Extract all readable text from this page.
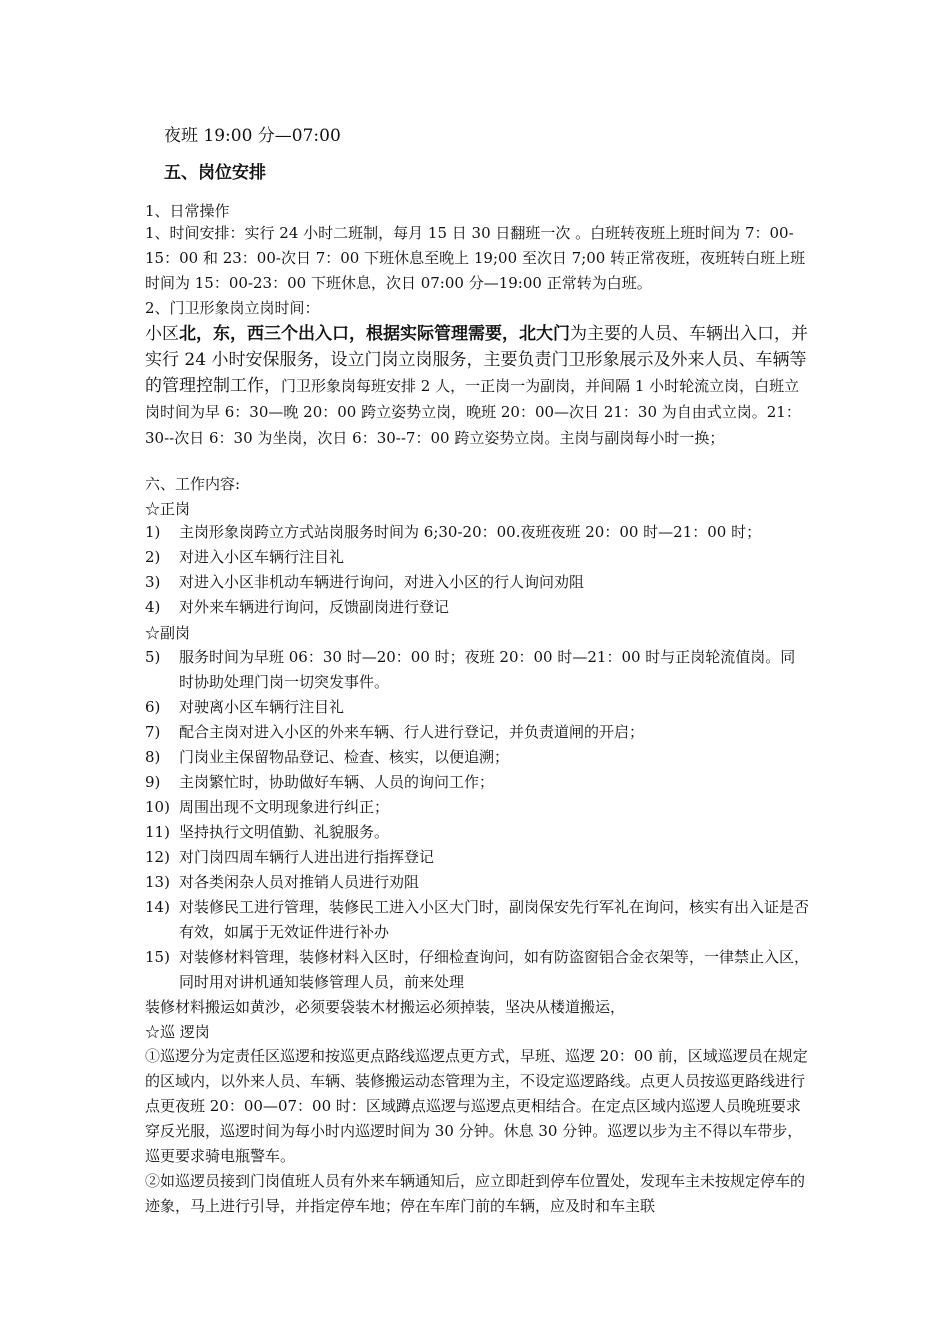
夜班 19:00 分—07:00
五、岗位安排
1、日常操作
1、时间安排：实行 24 小时二班制，每月 15 日 30 日翻班一次 。白班转夜班上班时间为 7：00-15：00 和 23：00-次日 7：00 下班休息至晚上 19;00 至次日 7;00 转正常夜班，夜班转白班上班时间为 15：00-23：00 下班休息，次日 07:00 分—19:00 正常转为白班。
2、门卫形象岗立岗时间：
小区北，东，西三个出入口，根据实际管理需要，北大门为主要的人员、车辆出入口，并实行 24 小时安保服务，设立门岗立岗服务，主要负责门卫形象展示及外来人员、车辆等的管理控制工作，门卫形象岗每班安排 2 人，一正岗一为副岗，并间隔 1 小时轮流立岗，白班立岗时间为早 6：30—晚 20：00 跨立姿势立岗，晚班 20：00—次日 21：30 为自由式立岗。21：30--次日 6：30 为坐岗，次日 6：30--7：00 跨立姿势立岗。主岗与副岗每小时一换；
六、工作内容:
☆正岗
1)	主岗形象岗跨立方式站岗服务时间为 6;30-20：00.夜班夜班 20：00 时—21：00 时；
2)	对进入小区车辆行注目礼
3)	对进入小区非机动车辆进行询问，对进入小区的行人询问劝阻
4)	对外来车辆进行询问，反馈副岗进行登记
☆副岗
5)	服务时间为早班 06：30 时—20：00 时；夜班 20：00 时—21：00 时与正岗轮流值岗。同时协助处理门岗一切突发事件。
6)	对驶离小区车辆行注目礼
7)	配合主岗对进入小区的外来车辆、行人进行登记，并负责道闸的开启；
8)	门岗业主保留物品登记、检查、核实，以便追溯；
9)	主岗繁忙时，协助做好车辆、人员的询问工作；
10) 周围出现不文明现象进行纠正；
11) 坚持执行文明值勤、礼貌服务。
12) 对门岗四周车辆行人进出进行指挥登记
13) 对各类闲杂人员对推销人员进行劝阻
14) 对装修民工进行管理，装修民工进入小区大门时，副岗保安先行军礼在询问，核实有出入证是否有效，如属于无效证件进行补办
15) 对装修材料管理，装修材料入区时，仔细检查询问，如有防盗窗铝合金衣架等，一律禁止入区，同时用对讲机通知装修管理人员，前来处理
装修材料搬运如黄沙，必须要袋装木材搬运必须掉装，坚决从楼道搬运，
☆巡 逻岗
①巡逻分为定责任区巡逻和按巡更点路线巡逻点更方式，早班、巡逻 20：00 前，区域巡逻员在规定的区域内，以外来人员、车辆、装修搬运动态管理为主，不设定巡逻路线。点更人员按巡更路线进行点更夜班 20：00—07：00 时：区域蹲点巡逻与巡逻点更相结合。在定点区域内巡逻人员晚班要求穿反光服，巡逻时间为每小时内巡逻时间为 30 分钟。休息 30 分钟。巡逻以步为主不得以车带步，巡更要求骑电瓶警车。
②如巡逻员接到门岗值班人员有外来车辆通知后，应立即赶到停车位置处，发现车主未按规定停车的迹象，马上进行引导，并指定停车地；停在车库门前的车辆，应及时和车主联
